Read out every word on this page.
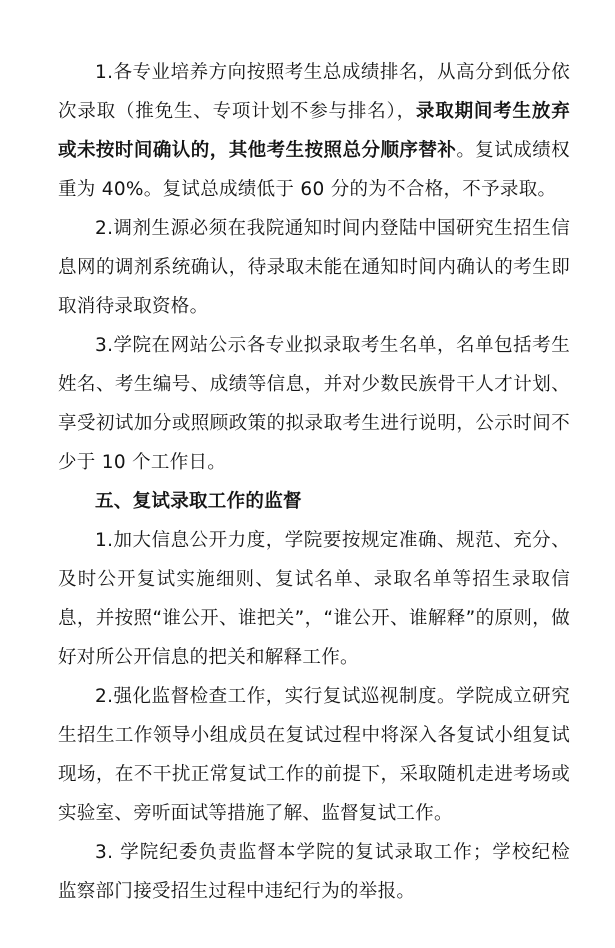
1.各专业培养方向按照考生总成绩排名，从高分到低分依次录取（推免生、专项计划不参与排名），录取期间考生放弃或未按时间确认的，其他考生按照总分顺序替补。复试成绩权重为 40%。复试总成绩低于 60 分的为不合格，不予录取。

2.调剂生源必须在我院通知时间内登陆中国研究生招生信息网的调剂系统确认，待录取未能在通知时间内确认的考生即取消待录取资格。

3.学院在网站公示各专业拟录取考生名单，名单包括考生姓名、考生编号、成绩等信息，并对少数民族骨干人才计划、享受初试加分或照顾政策的拟录取考生进行说明，公示时间不少于 10 个工作日。

五、复试录取工作的监督

1.加大信息公开力度，学院要按规定准确、规范、充分、及时公开复试实施细则、复试名单、录取名单等招生录取信息，并按照“谁公开、谁把关”，“谁公开、谁解释”的原则，做好对所公开信息的把关和解释工作。

2.强化监督检查工作，实行复试巡视制度。学院成立研究生招生工作领导小组成员在复试过程中将深入各复试小组复试现场，在不干扰正常复试工作的前提下，采取随机走进考场或实验室、旁听面试等措施了解、监督复试工作。

3. 学院纪委负责监督本学院的复试录取工作；学校纪检监察部门接受招生过程中违纪行为的举报。
